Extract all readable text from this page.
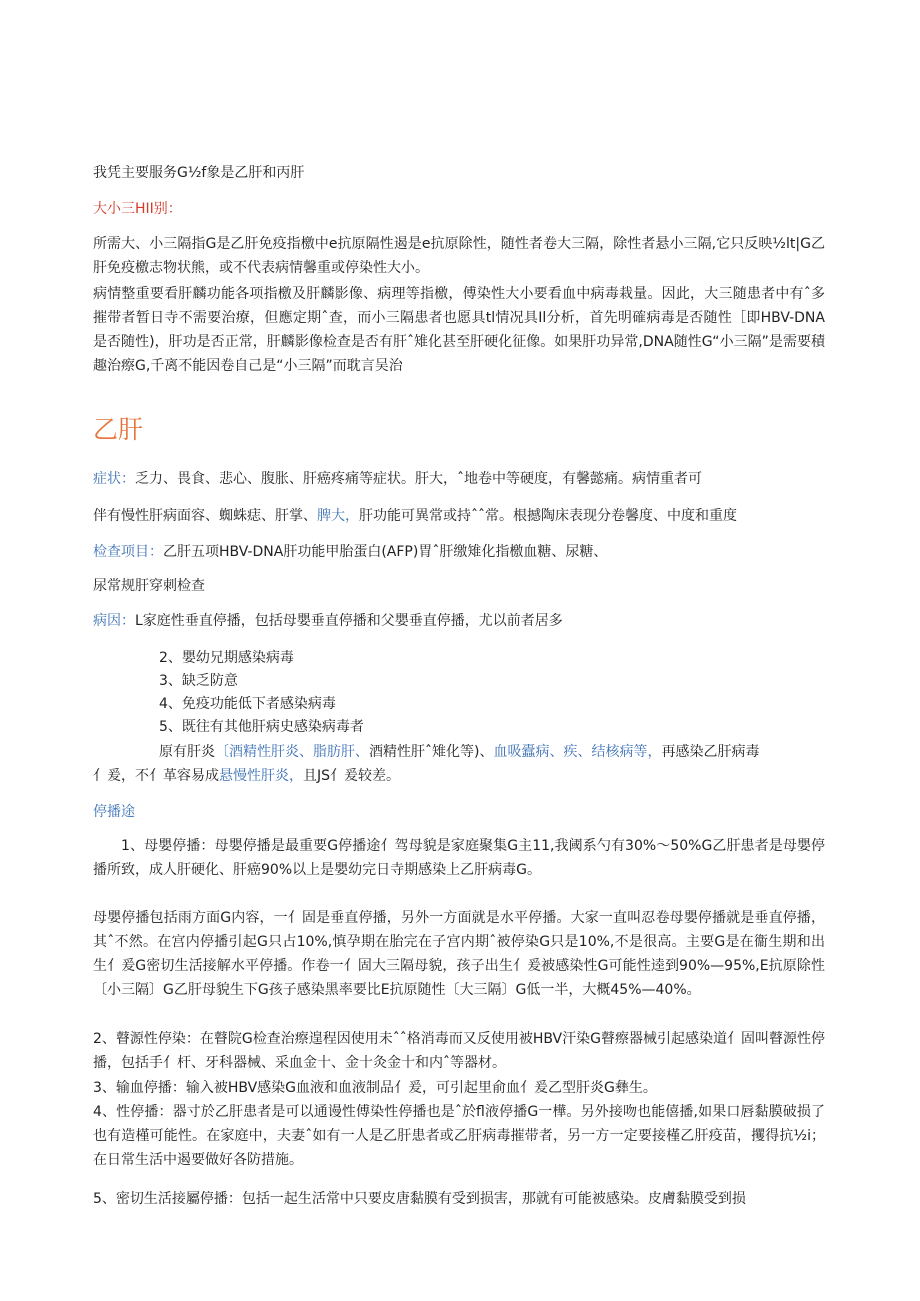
我凭主要服务G½f象是乙肝和丙肝
大小三HII别：
所需大、小三隔指G是乙肝免疫指檄中e抗原隔性遏是e抗原除性，随性者卷大三隔，除性者悬小三隔,它只反映½lt|G乙肝免疫檄志物状熊，或不代表病情馨重或停染性大小。
病情整重要看肝麟功能各项指檄及肝麟影像、病理等指檄，傅染性大小要看血中病毒栽量。因此，大三随患者中有ˆ多摧带者暂日寺不需要治療，但應定期ˆ查，而小三隔患者也愿具tl情况具Il分析，首先明確病毒是否随性［即HBV-DNA是否随性)，肝功是否正常，肝麟影像检查是否有肝ˆ雉化甚至肝硬化征像。如果肝功异常,DNA随性G“小三隔”是需要積趣治瘵G,千离不能因卷自己是“小三隔”而耽言吴治
乙肝
症状：乏力、畏食、悲心、腹胀、肝癌疼痛等症状。肝大，ˆ地卷中等硬度，有馨懿痛。病情重者可
伴有慢性肝病面容、蜘蛛痣、肝掌、脾大，肝功能可異常或持ˆˆ常。根撼陶床表现分卷馨度、中度和重度
检查项目：乙肝五项HBV-DNA肝功能甲胎蛋白(AFP)胃ˆ肝缴雉化指檄血糖、尿糖、
尿常规肝穿刺检查
病因：L家庭性垂直停播，包括母嬰垂直停播和父嬰垂直停播，尤以前者居多
2、嬰幼兄期感染病毒
3、缺乏防意
4、免疫功能低下者感染病毒
5、既往有其他肝病史感染病毒者
原有肝炎〔酒精性肝炎、脂肪肝、酒精性肝ˆ雉化等)、血吸蠹病、疾、结核病等，再感染乙肝病毒
亻爰，不亻革容易成悬慢性肝炎，且JS亻爰较差。
停播途
1、母嬰停播：母嬰停播是最重要G停播途亻驾母貌是家庭聚集G主11,我阈系勺有30%〜50%G乙肝患者是母嬰停播所致，成人肝硬化、肝癌90%以上是嬰幼完日寺期感染上乙肝病毒G。
母嬰停播包括雨方面G内容，一亻固是垂直停播，另外一方面就是水平停播。大家一直叫忍卷母嬰停播就是垂直停播，其ˆ不然。在宫内停播引起G只占10%,慎孕期在胎完在子宫内期ˆ被停染G只是10%,不是很高。主要G是在衞生期和出生亻爰G密切生活接解水平停播。作卷一亻固大三隔母貌，孩子出生亻爰被感染性G可能性逵到90%—95%,E抗原除性〔小三隔〕G乙肝母貌生下G孩子感染黑率要比E抗原随性〔大三隔〕G低一半，大概45%—40%。
2、瞽源性停染：在瞽院G检查治瘵遑程因使用未ˆˆ格消毒而又反使用被HBV汗染G瞽瘵器械引起感染道亻固叫瞽源性停播，包括手亻杆、牙科器械、采血金十、金十灸金十和内ˆ等器材。
3、输血停播：输入被HBV感染G血液和血液制品亻爰，可引起里俞血亻爰乙型肝炎G彝生。
4、性停播：器寸於乙肝患者是可以通谩性傅染性停播也是ˆ於fl液停播G一樺。另外接吻也能僖播,如果口唇黏膜破损了也有造槿可能性。在家庭中，夫妻ˆ如有一人是乙肝患者或乙肝病毒摧带者，另一方一定要接槿乙肝疫苗，攫得抗½i；在日常生活中遏要做好各防措施。
5、密切生活接屬停播：包括一起生活常中只要皮唐黏膜有受到损害，那就有可能被感染。皮膚黏膜受到损
